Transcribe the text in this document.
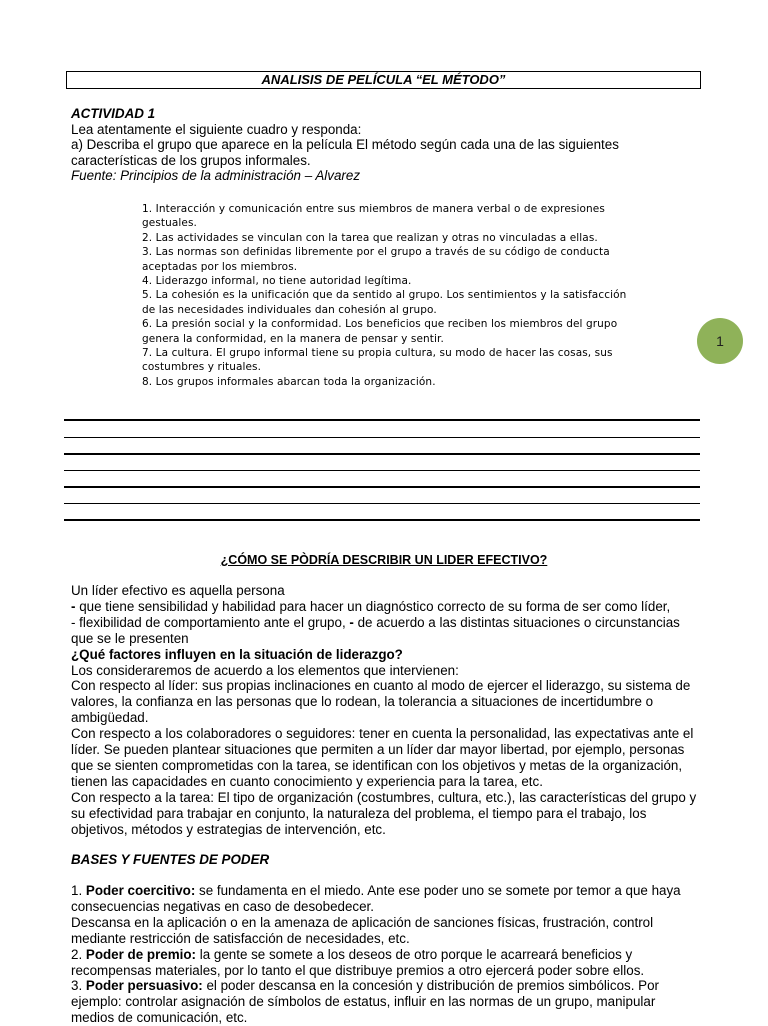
ANALISIS DE PELÍCULA “EL MÉTODO”
ACTIVIDAD 1
Lea atentamente el siguiente cuadro y responda:
a) Describa el grupo que aparece en la película El método según cada una de las siguientes
características de los grupos informales.
Fuente: Principios de la administración – Alvarez
1. Interacción y comunicación entre sus miembros de manera verbal o de expresiones gestuales.
2. Las actividades se vinculan con la tarea que realizan y otras no vinculadas a ellas.
3. Las normas son definidas libremente por el grupo a través de su código de conducta aceptadas por los miembros.
4. Liderazgo informal, no tiene autoridad legítima.
5. La cohesión es la unificación que da sentido al grupo. Los sentimientos y la satisfacción de las necesidades individuales dan cohesión al grupo.
6. La presión social y la conformidad. Los beneficios que reciben los miembros del grupo genera la conformidad, en la manera de pensar y sentir.
7. La cultura. El grupo informal tiene su propia cultura, su modo de hacer las cosas, sus costumbres y rituales.
8. Los grupos informales abarcan toda la organización.
1
¿CÓMO SE PÒDRÍA DESCRIBIR UN LIDER EFECTIVO?
Un líder efectivo es aquella persona
- que tiene sensibilidad y habilidad para hacer un diagnóstico correcto de su forma de ser como líder,
- flexibilidad de comportamiento ante el grupo, - de acuerdo a las distintas situaciones o circunstancias que se le presenten
¿Qué factores influyen en la situación de liderazgo?
Los consideraremos de acuerdo a los elementos que intervienen:
Con respecto al líder: sus propias inclinaciones en cuanto al modo de ejercer el liderazgo, su sistema de valores, la confianza en las personas que lo rodean, la tolerancia a situaciones de incertidumbre o ambigüedad.
Con respecto a los colaboradores o seguidores: tener en cuenta la personalidad, las expectativas ante el líder. Se pueden plantear situaciones que permiten a un líder dar mayor libertad, por ejemplo, personas que se sienten comprometidas con la tarea, se identifican con los objetivos y metas de la organización, tienen las capacidades en cuanto conocimiento y experiencia para la tarea, etc.
Con respecto a la tarea: El tipo de organización (costumbres, cultura, etc.), las características del grupo y su efectividad para trabajar en conjunto, la naturaleza del problema, el tiempo para el trabajo, los objetivos, métodos y estrategias de intervención, etc.
BASES Y FUENTES DE PODER
1. Poder coercitivo: se fundamenta en el miedo. Ante ese poder uno se somete por temor a que haya consecuencias negativas en caso de desobedecer.
Descansa en la aplicación o en la amenaza de aplicación de sanciones físicas, frustración, control mediante restricción de satisfacción de necesidades, etc.
2. Poder de premio: la gente se somete a los deseos de otro porque le acarreará beneficios y recompensas materiales, por lo tanto el que distribuye premios a otro ejercerá poder sobre ellos.
3. Poder persuasivo: el poder descansa en la concesión y distribución de premios simbólicos. Por ejemplo: controlar asignación de símbolos de estatus, influir en las normas de un grupo, manipular medios de comunicación, etc.
